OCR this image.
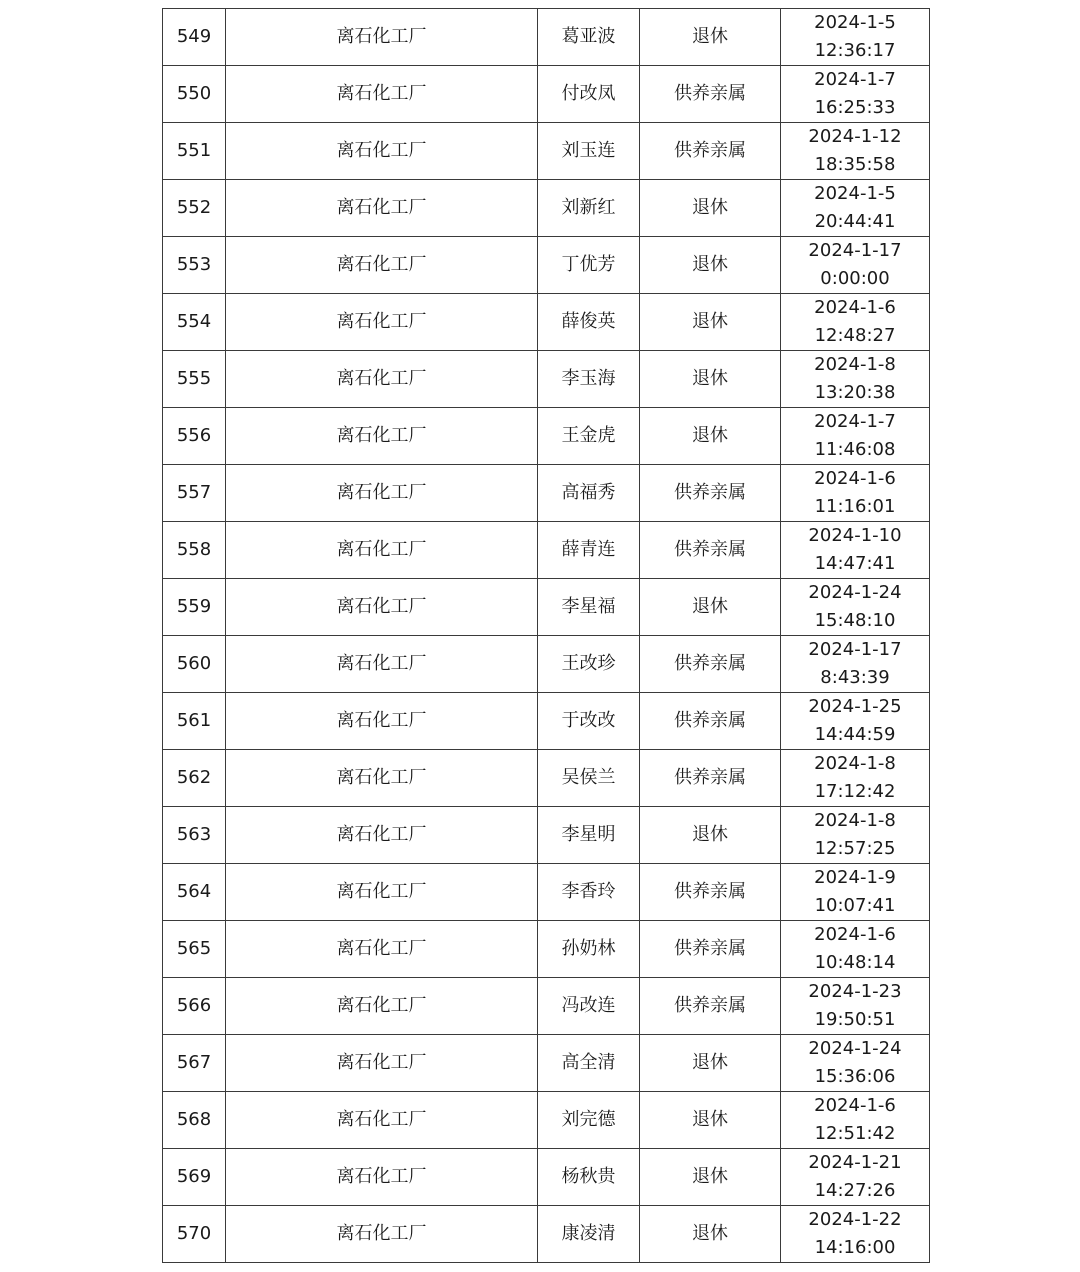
549	离石化工厂	葛亚波	退休	2024-1-5
12:36:17

550	离石化工厂	付改凤	供养亲属	2024-1-7
16:25:33

551	离石化工厂	刘玉连	供养亲属	2024-1-12
18:35:58

552	离石化工厂	刘新红	退休	2024-1-5
20:44:41

553	离石化工厂	丁优芳	退休	2024-1-17
0:00:00

554	离石化工厂	薛俊英	退休	2024-1-6
12:48:27

555	离石化工厂	李玉海	退休	2024-1-8
13:20:38

556	离石化工厂	王金虎	退休	2024-1-7
11:46:08

557	离石化工厂	高福秀	供养亲属	2024-1-6
11:16:01

558	离石化工厂	薛青连	供养亲属	2024-1-10
14:47:41

559	离石化工厂	李星福	退休	2024-1-24
15:48:10

560	离石化工厂	王改珍	供养亲属	2024-1-17
8:43:39

561	离石化工厂	于改改	供养亲属	2024-1-25
14:44:59

562	离石化工厂	吴侯兰	供养亲属	2024-1-8
17:12:42

563	离石化工厂	李星明	退休	2024-1-8
12:57:25

564	离石化工厂	李香玲	供养亲属	2024-1-9
10:07:41

565	离石化工厂	孙奶林	供养亲属	2024-1-6
10:48:14

566	离石化工厂	冯改连	供养亲属	2024-1-23
19:50:51

567	离石化工厂	高全清	退休	2024-1-24
15:36:06

568	离石化工厂	刘完德	退休	2024-1-6
12:51:42

569	离石化工厂	杨秋贵	退休	2024-1-21
14:27:26

570	离石化工厂	康凌清	退休	2024-1-22
14:16:00
